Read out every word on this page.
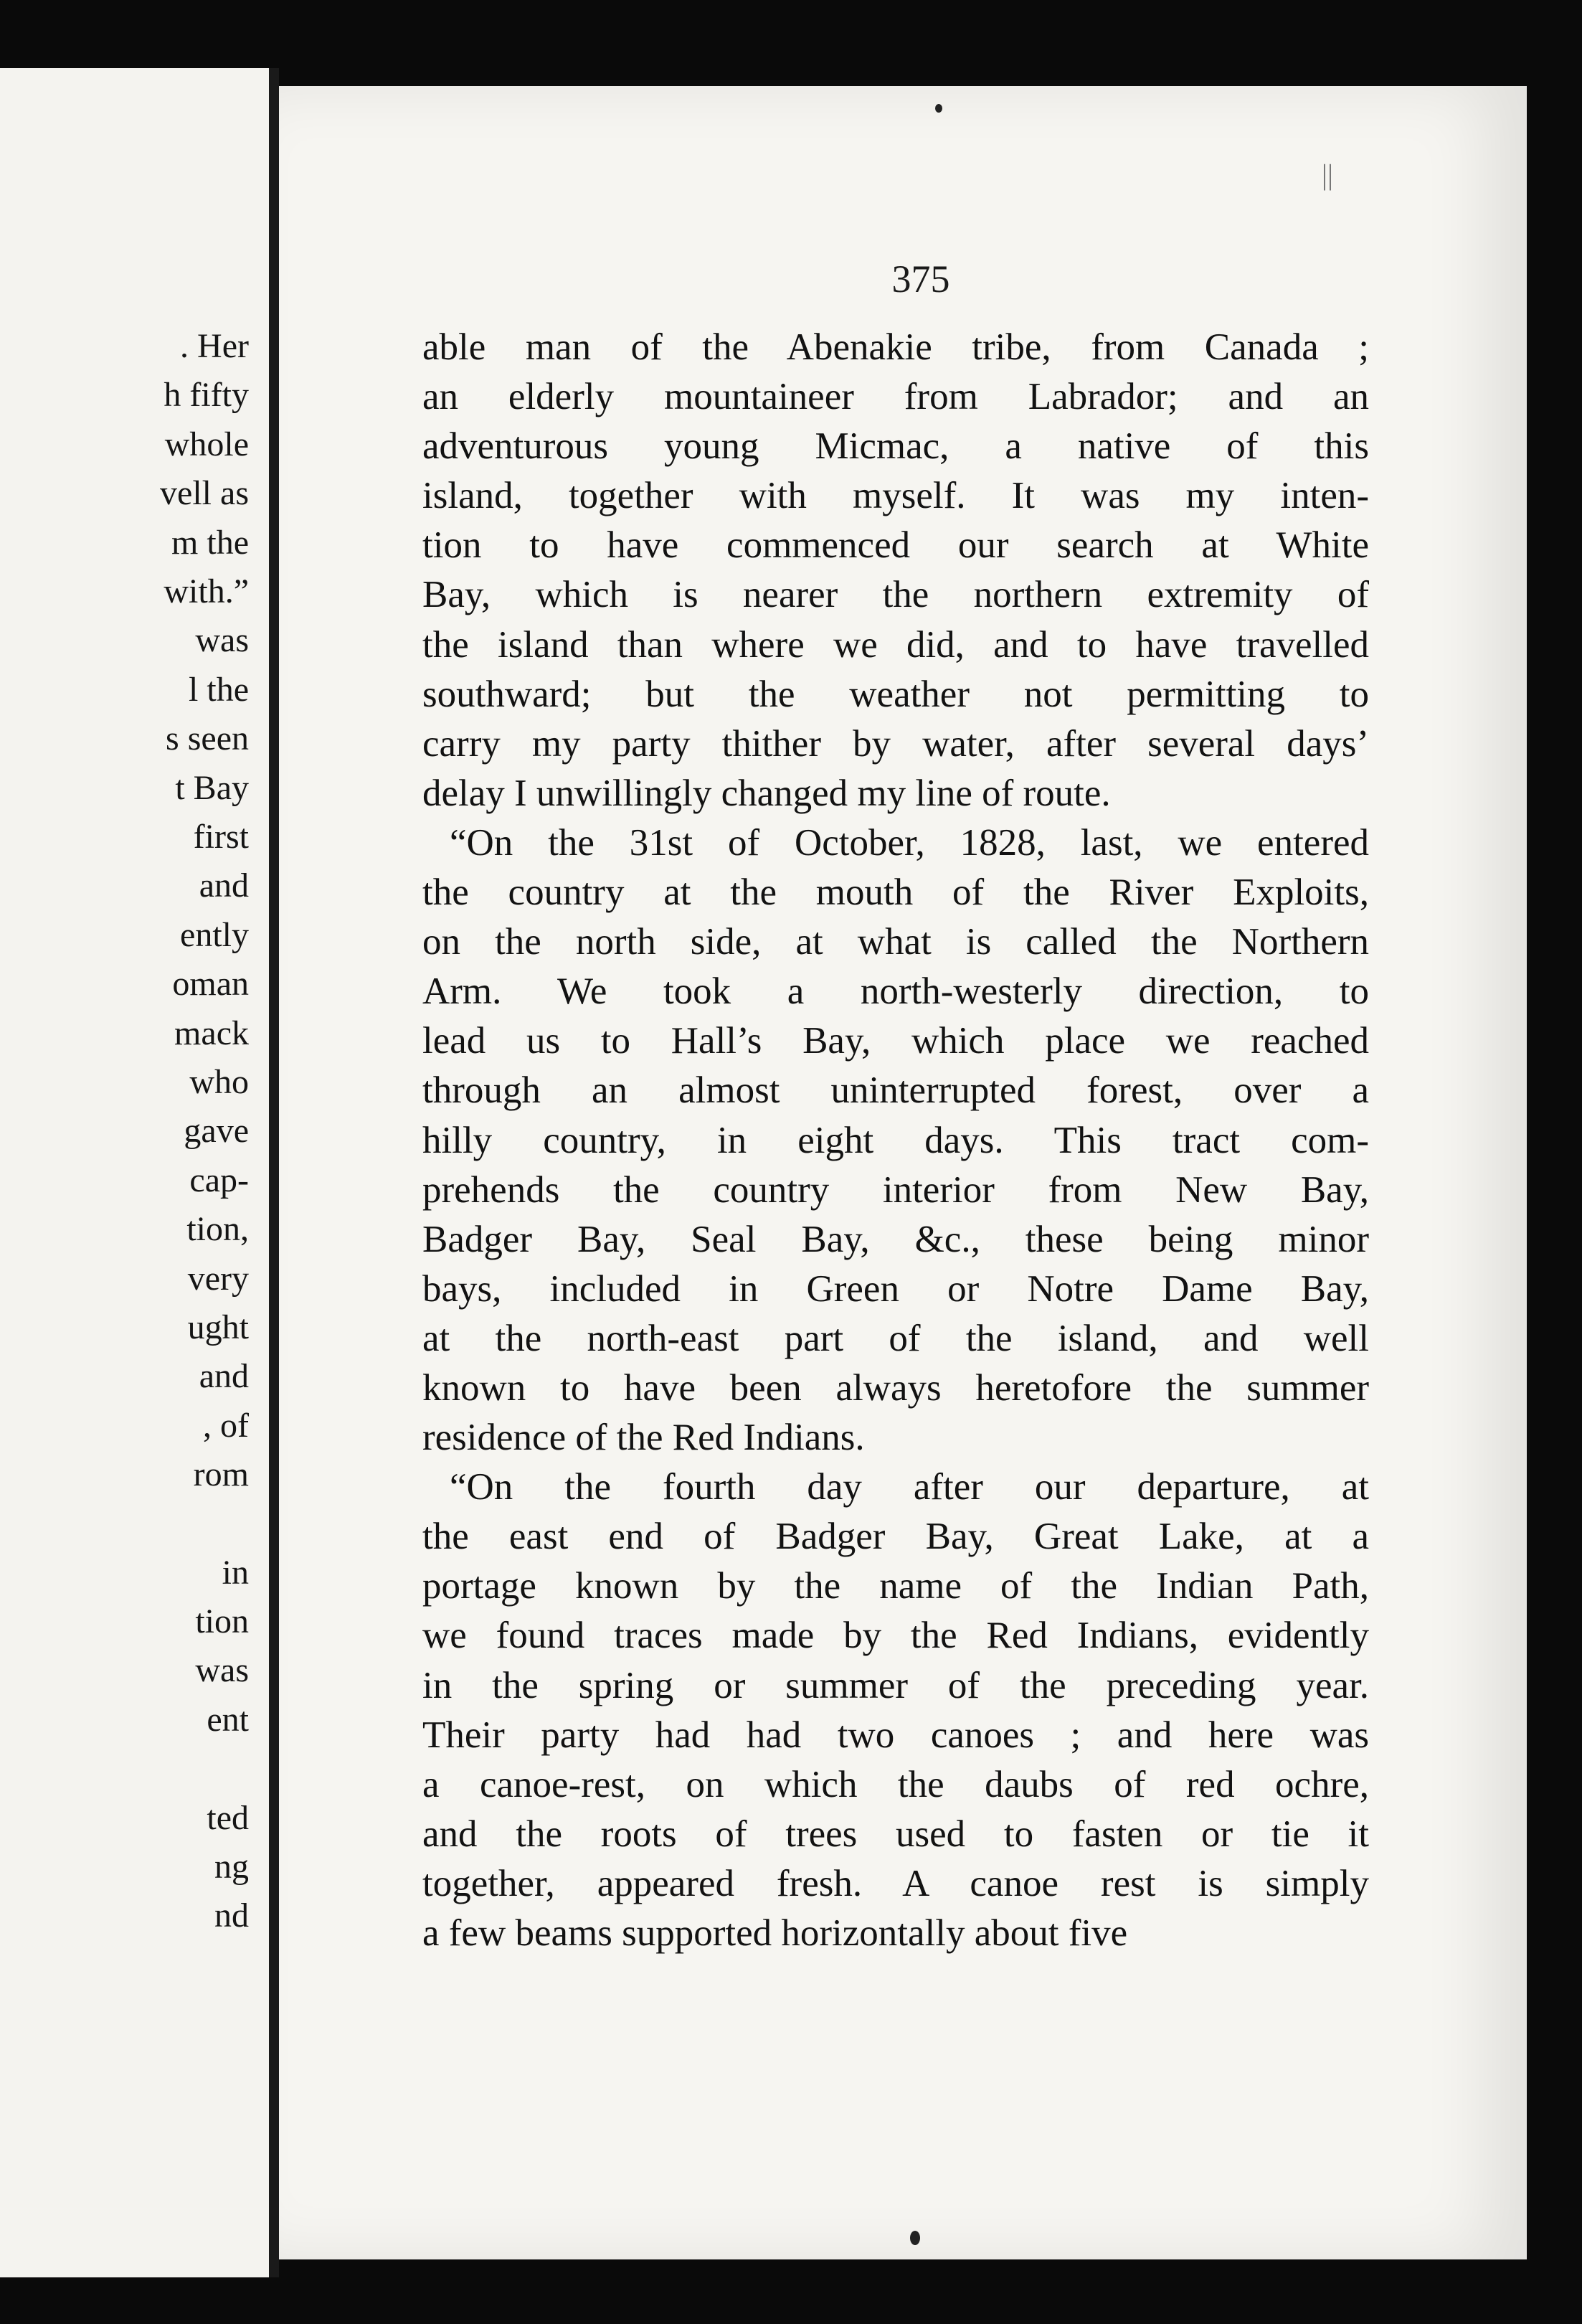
. Her

h fifty

whole

vell as

m the

with.”

was

l the

s seen

t Bay

first

and

ently

oman

mack

who

gave

cap-

tion,

very

ught

and

, of

rom

in

tion

was

ent

ted

ng

nd

||
375
able man of the Abenakie tribe, from Canada ;
an elderly mountaineer from Labrador; and an
adventurous young Micmac, a native of this
island, together with myself. It was my inten-
tion to have commenced our search at White
Bay, which is nearer the northern extremity of
the island than where we did, and to have travelled
southward; but the weather not permitting to
carry my party thither by water, after several days’
delay I unwillingly changed my line of route.
“On the 31st of October, 1828, last, we entered
the country at the mouth of the River Exploits,
on the north side, at what is called the Northern
Arm. We took a north-westerly direction, to
lead us to Hall’s Bay, which place we reached
through an almost uninterrupted forest, over a
hilly country, in eight days. This tract com-
prehends the country interior from New Bay,
Badger Bay, Seal Bay, &c., these being minor
bays, included in Green or Notre Dame Bay,
at the north-east part of the island, and well
known to have been always heretofore the summer
residence of the Red Indians.
“On the fourth day after our departure, at
the east end of Badger Bay, Great Lake, at a
portage known by the name of the Indian Path,
we found traces made by the Red Indians, evidently
in the spring or summer of the preceding year.
Their party had had two canoes ; and here was
a canoe-rest, on which the daubs of red ochre,
and the roots of trees used to fasten or tie it
together, appeared fresh. A canoe rest is simply
a few beams supported horizontally about five
